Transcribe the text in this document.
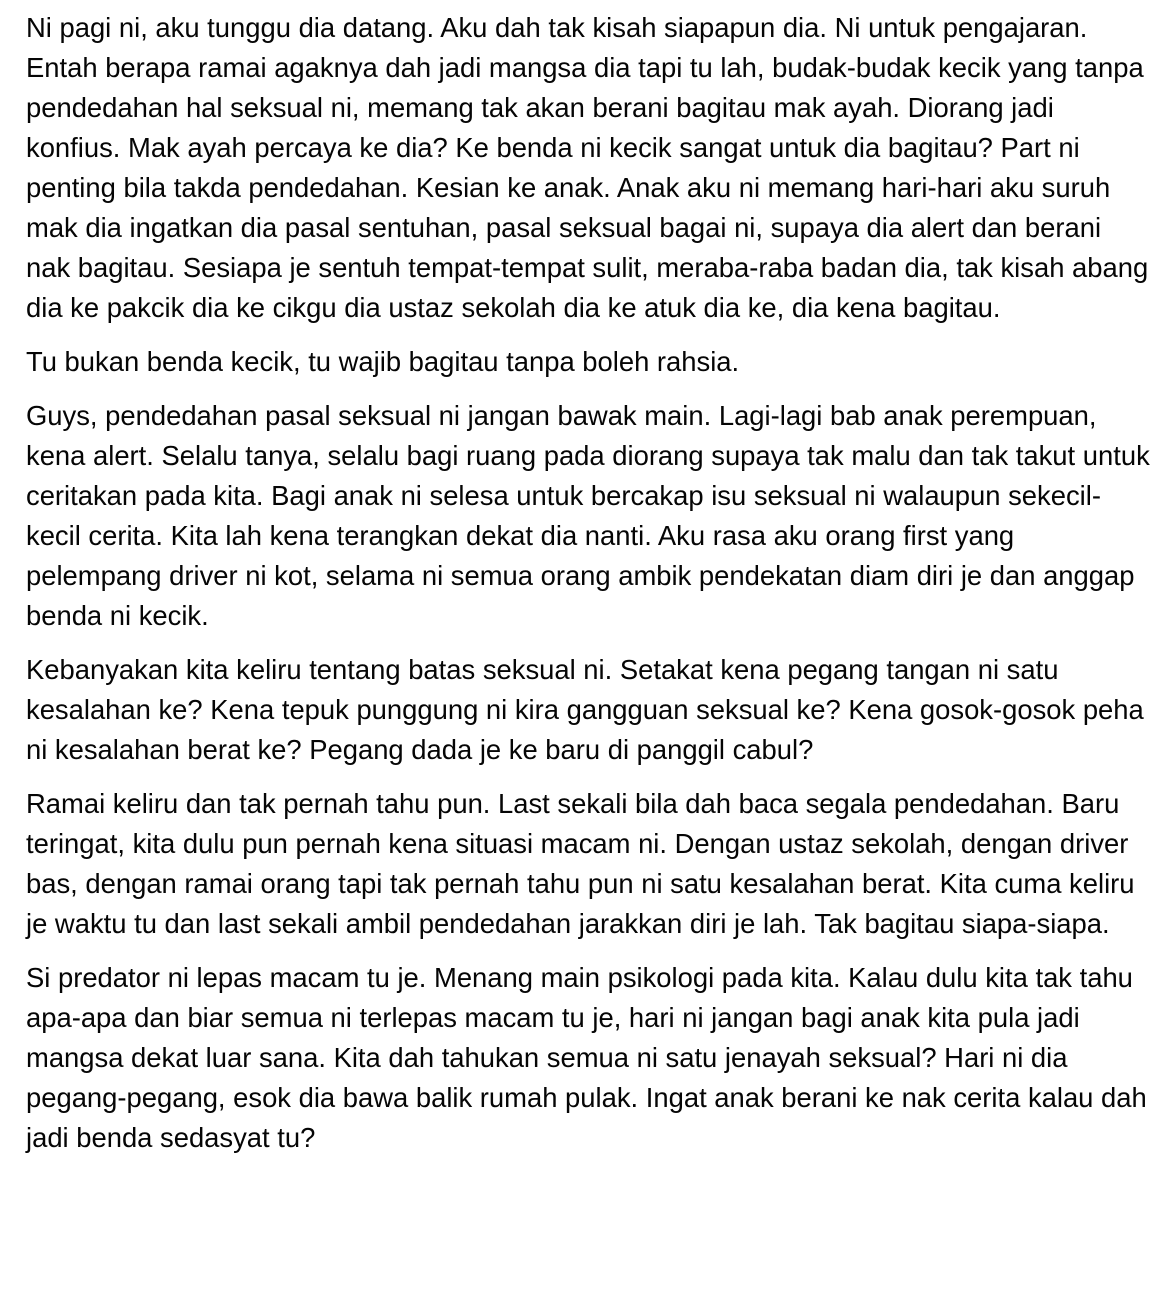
Ni pagi ni, aku tunggu dia datang. Aku dah tak kisah siapapun dia. Ni untuk pengajaran. Entah berapa ramai agaknya dah jadi mangsa dia tapi tu lah, budak-budak kecik yang tanpa pendedahan hal seksual ni, memang tak akan berani bagitau mak ayah. Diorang jadi konfius. Mak ayah percaya ke dia? Ke benda ni kecik sangat untuk dia bagitau? Part ni penting bila takda pendedahan. Kesian ke anak. Anak aku ni memang hari-hari aku suruh mak dia ingatkan dia pasal sentuhan, pasal seksual bagai ni, supaya dia alert dan berani nak bagitau. Sesiapa je sentuh tempat-tempat sulit, meraba-raba badan dia, tak kisah abang dia ke pakcik dia ke cikgu dia ustaz sekolah dia ke atuk dia ke, dia kena bagitau.

Tu bukan benda kecik, tu wajib bagitau tanpa boleh rahsia.

Guys, pendedahan pasal seksual ni jangan bawak main. Lagi-lagi bab anak perempuan, kena alert. Selalu tanya, selalu bagi ruang pada diorang supaya tak malu dan tak takut untuk ceritakan pada kita. Bagi anak ni selesa untuk bercakap isu seksual ni walaupun sekecil-kecil cerita. Kita lah kena terangkan dekat dia nanti. Aku rasa aku orang first yang pelempang driver ni kot, selama ni semua orang ambik pendekatan diam diri je dan anggap benda ni kecik.

Kebanyakan kita keliru tentang batas seksual ni. Setakat kena pegang tangan ni satu kesalahan ke? Kena tepuk punggung ni kira gangguan seksual ke? Kena gosok-gosok peha ni kesalahan berat ke? Pegang dada je ke baru di panggil cabul?

Ramai keliru dan tak pernah tahu pun. Last sekali bila dah baca segala pendedahan. Baru teringat, kita dulu pun pernah kena situasi macam ni. Dengan ustaz sekolah, dengan driver bas, dengan ramai orang tapi tak pernah tahu pun ni satu kesalahan berat. Kita cuma keliru je waktu tu dan last sekali ambil pendedahan jarakkan diri je lah. Tak bagitau siapa-siapa.

Si predator ni lepas macam tu je. Menang main psikologi pada kita. Kalau dulu kita tak tahu apa-apa dan biar semua ni terlepas macam tu je, hari ni jangan bagi anak kita pula jadi mangsa dekat luar sana. Kita dah tahukan semua ni satu jenayah seksual? Hari ni dia pegang-pegang, esok dia bawa balik rumah pulak. Ingat anak berani ke nak cerita kalau dah jadi benda sedasyat tu?
